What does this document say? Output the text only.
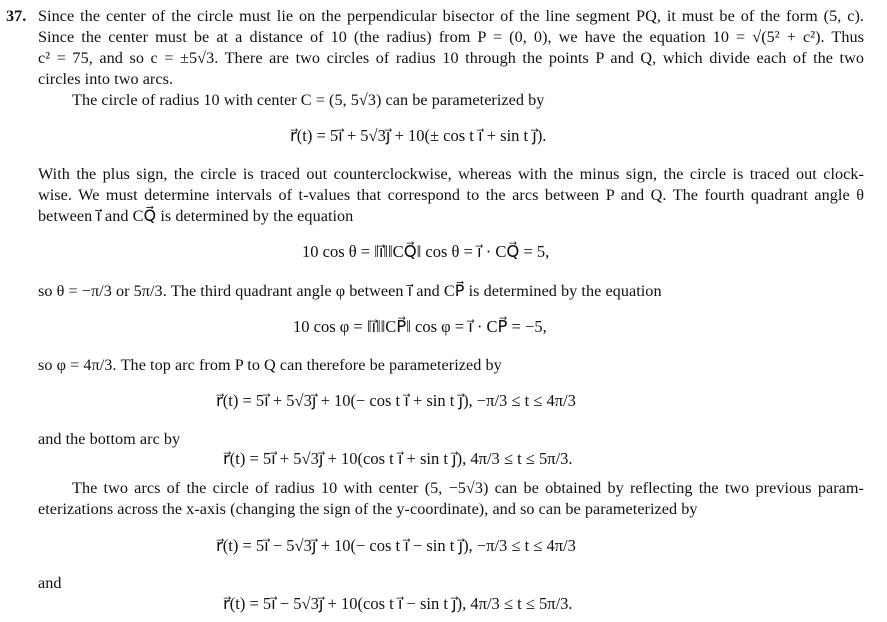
37. Since the center of the circle must lie on the perpendicular bisector of the line segment PQ, it must be of the form (5, c).
Since the center must be at a distance of 10 (the radius) from P = (0, 0), we have the equation 10 = √(5² + c²). Thus
c² = 75, and so c = ±5√3. There are two circles of radius 10 through the points P and Q, which divide each of the two
circles into two arcs.
The circle of radius 10 with center C = (5, 5√3) can be parameterized by
r⃗(t) = 5i⃗ + 5√3j⃗ + 10(± cos t i⃗ + sin t j⃗).
With the plus sign, the circle is traced out counterclockwise, whereas with the minus sign, the circle is traced out clock-
wise. We must determine intervals of t-values that correspond to the arcs between P and Q. The fourth quadrant angle θ
between i⃗ and CQ⃗ is determined by the equation
10 cos θ = ‖i⃗‖‖CQ⃗‖ cos θ = i⃗ · CQ⃗ = 5,
so θ = −π/3 or 5π/3. The third quadrant angle φ between i⃗ and CP⃗ is determined by the equation
10 cos φ = ‖i⃗‖‖CP⃗‖ cos φ = i⃗ · CP⃗ = −5,
so φ = 4π/3. The top arc from P to Q can therefore be parameterized by
r⃗(t) = 5i⃗ + 5√3j⃗ + 10(− cos t i⃗ + sin t j⃗), −π/3 ≤ t ≤ 4π/3
and the bottom arc by
r⃗(t) = 5i⃗ + 5√3j⃗ + 10(cos t i⃗ + sin t j⃗), 4π/3 ≤ t ≤ 5π/3.
The two arcs of the circle of radius 10 with center (5, −5√3) can be obtained by reflecting the two previous param-
eterizations across the x-axis (changing the sign of the y-coordinate), and so can be parameterized by
r⃗(t) = 5i⃗ − 5√3j⃗ + 10(− cos t i⃗ − sin t j⃗), −π/3 ≤ t ≤ 4π/3
and
r⃗(t) = 5i⃗ − 5√3j⃗ + 10(cos t i⃗ − sin t j⃗), 4π/3 ≤ t ≤ 5π/3.
